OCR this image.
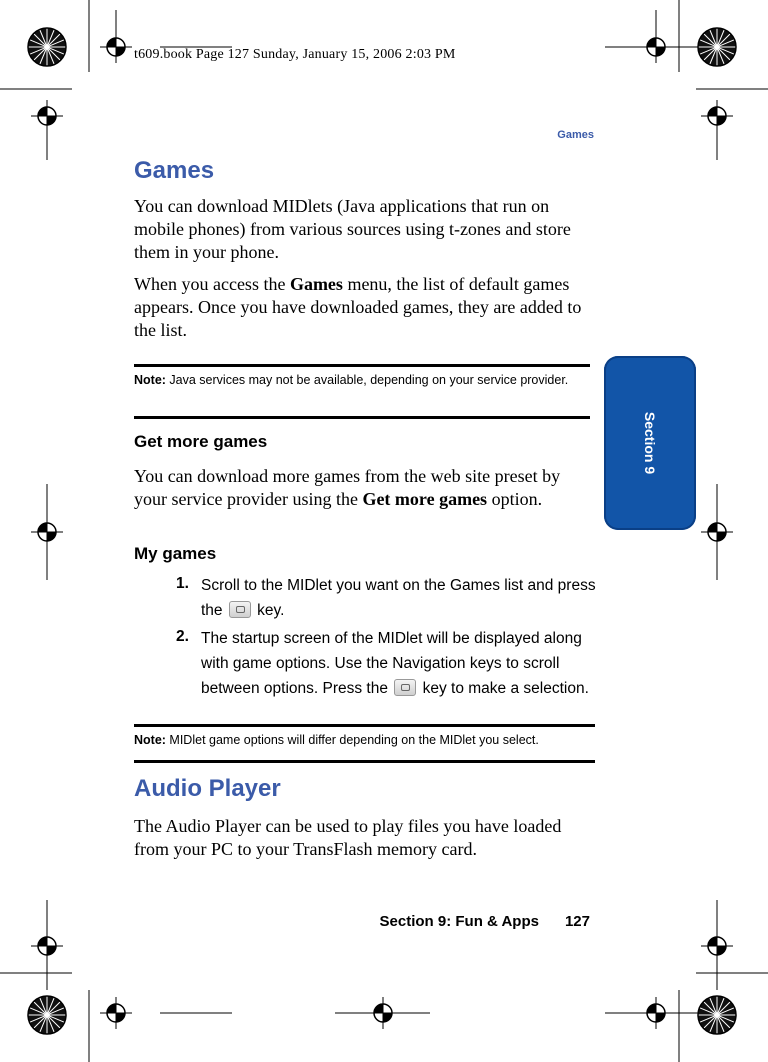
t609.book Page 127 Sunday, January 15, 2006 2:03 PM
Games
Section 9
Games
You can download MIDlets (Java applications that run on mobile phones) from various sources using t-zones and store them in your phone.
When you access the Games menu, the list of default games appears. Once you have downloaded games, they are added to the list.
Note: Java services may not be available, depending on your service provider.
Get more games
You can download more games from the web site preset by your service provider using the Get more games option.
My games
1. Scroll to the MIDlet you want on the Games list and press the  key.
2. The startup screen of the MIDlet will be displayed along with game options. Use the Navigation keys to scroll between options. Press the  key to make a selection.
Note: MIDlet game options will differ depending on the MIDlet you select.
Audio Player
The Audio Player can be used to play files you have loaded from your PC to your TransFlash memory card.
Section 9: Fun & Apps 127
